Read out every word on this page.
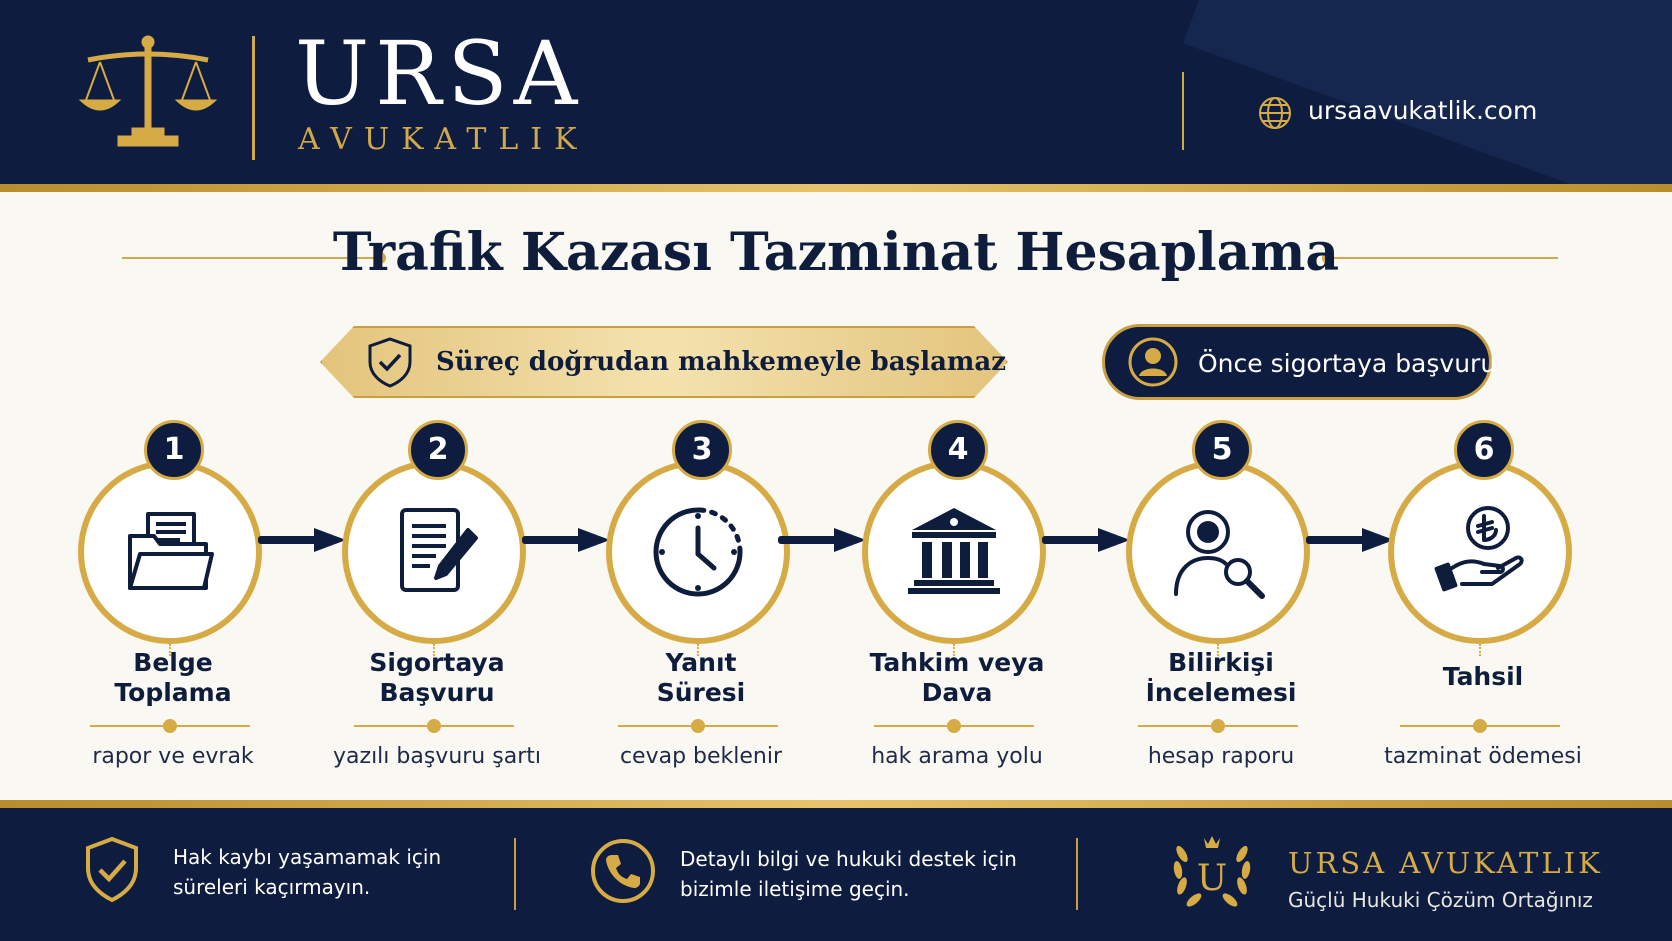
URSA
AVUKATLIK
ursaavukatlik.com
Trafik Kazası Tazminat Hesaplama
Süreç doğrudan mahkemeyle başlamaz	Önce sigortaya başvuru
1
Belge
Toplama
rapor ve evrak
2
Sigortaya
Başvuru
yazılı başvuru şartı
3
Yanıt
Süresi
cevap beklenir
4
Tahkim veya
Dava
hak arama yolu
5
Bilirkişi
İncelemesi
hesap raporu
6
Tahsil
tazminat ödemesi
Hak kaybı yaşamamak için
süreleri kaçırmayın.
Detaylı bilgi ve hukuki destek için
bizimle iletişime geçin.	U URSA AVUKATLIK
Güçlü Hukuki Çözüm Ortağınız
